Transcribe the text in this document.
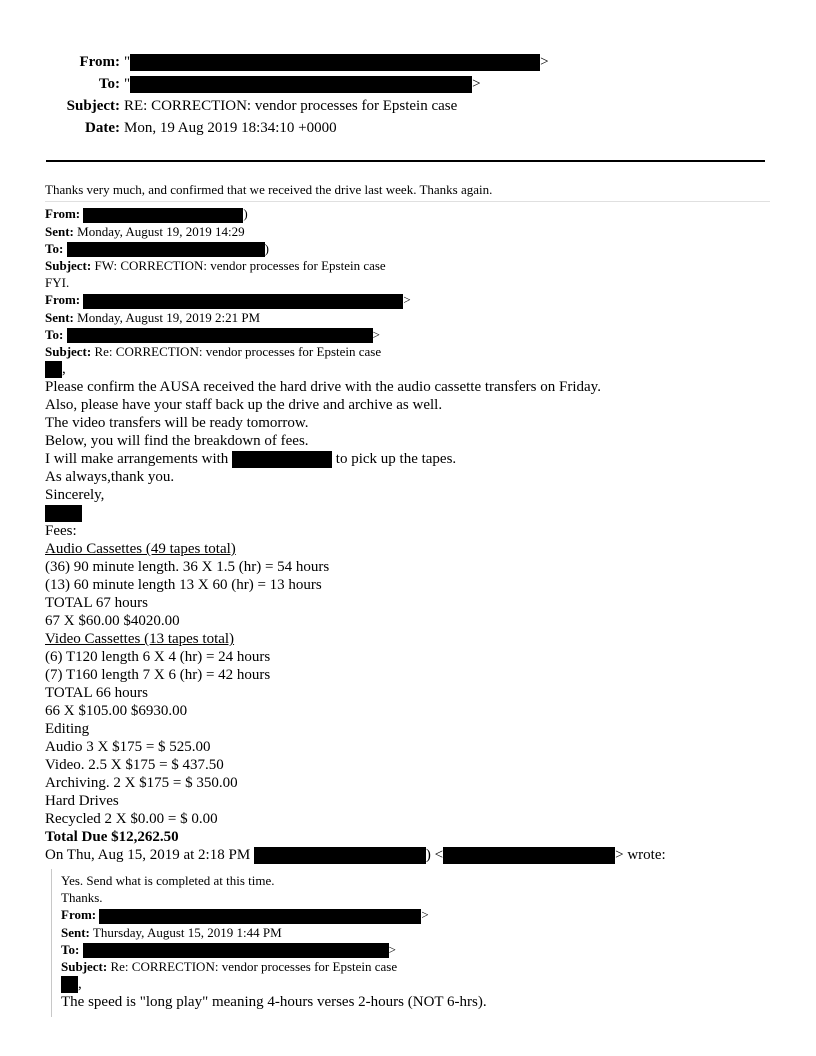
From: "	>
To: "	>
Subject: RE: CORRECTION: vendor processes for Epstein case
Date: Mon, 19 Aug 2019 18:34:10 +0000
Thanks very much, and confirmed that we received the drive last week. Thanks again.
From:	)
Sent: Monday, August 19, 2019 14:29
To:	)
Subject: FW: CORRECTION: vendor processes for Epstein case
FYI.
From:	>
Sent: Monday, August 19, 2019 2:21 PM
To:	>
Subject: Re: CORRECTION: vendor processes for Epstein case
,
Please confirm the AUSA received the hard drive with the audio cassette transfers on Friday.
Also, please have your staff back up the drive and archive as well.
The video transfers will be ready tomorrow.
Below, you will find the breakdown of fees.
I will make arrangements with	to pick up the tapes.
As always,thank you.
Sincerely,
Fees:
Audio Cassettes (49 tapes total)
(36) 90 minute length. 36 X 1.5 (hr) = 54 hours
(13) 60 minute length 13 X 60 (hr) = 13 hours
TOTAL 67 hours
67 X $60.00 $4020.00
Video Cassettes (13 tapes total)
(6) T120 length 6 X 4 (hr) = 24 hours
(7) T160 length 7 X 6 (hr) = 42 hours
TOTAL 66 hours
66 X $105.00 $6930.00
Editing
Audio 3 X $175 = $ 525.00
Video. 2.5 X $175 = $ 437.50
Archiving. 2 X $175 = $ 350.00
Hard Drives
Recycled 2 X $0.00 = $ 0.00
Total Due $12,262.50
On Thu, Aug 15, 2019 at 2:18 PM	) <	> wrote:
Yes. Send what is completed at this time.
Thanks.
From:	>
Sent: Thursday, August 15, 2019 1:44 PM
To:	>
Subject: Re: CORRECTION: vendor processes for Epstein case
,
The speed is "long play" meaning 4-hours verses 2-hours (NOT 6-hrs).
